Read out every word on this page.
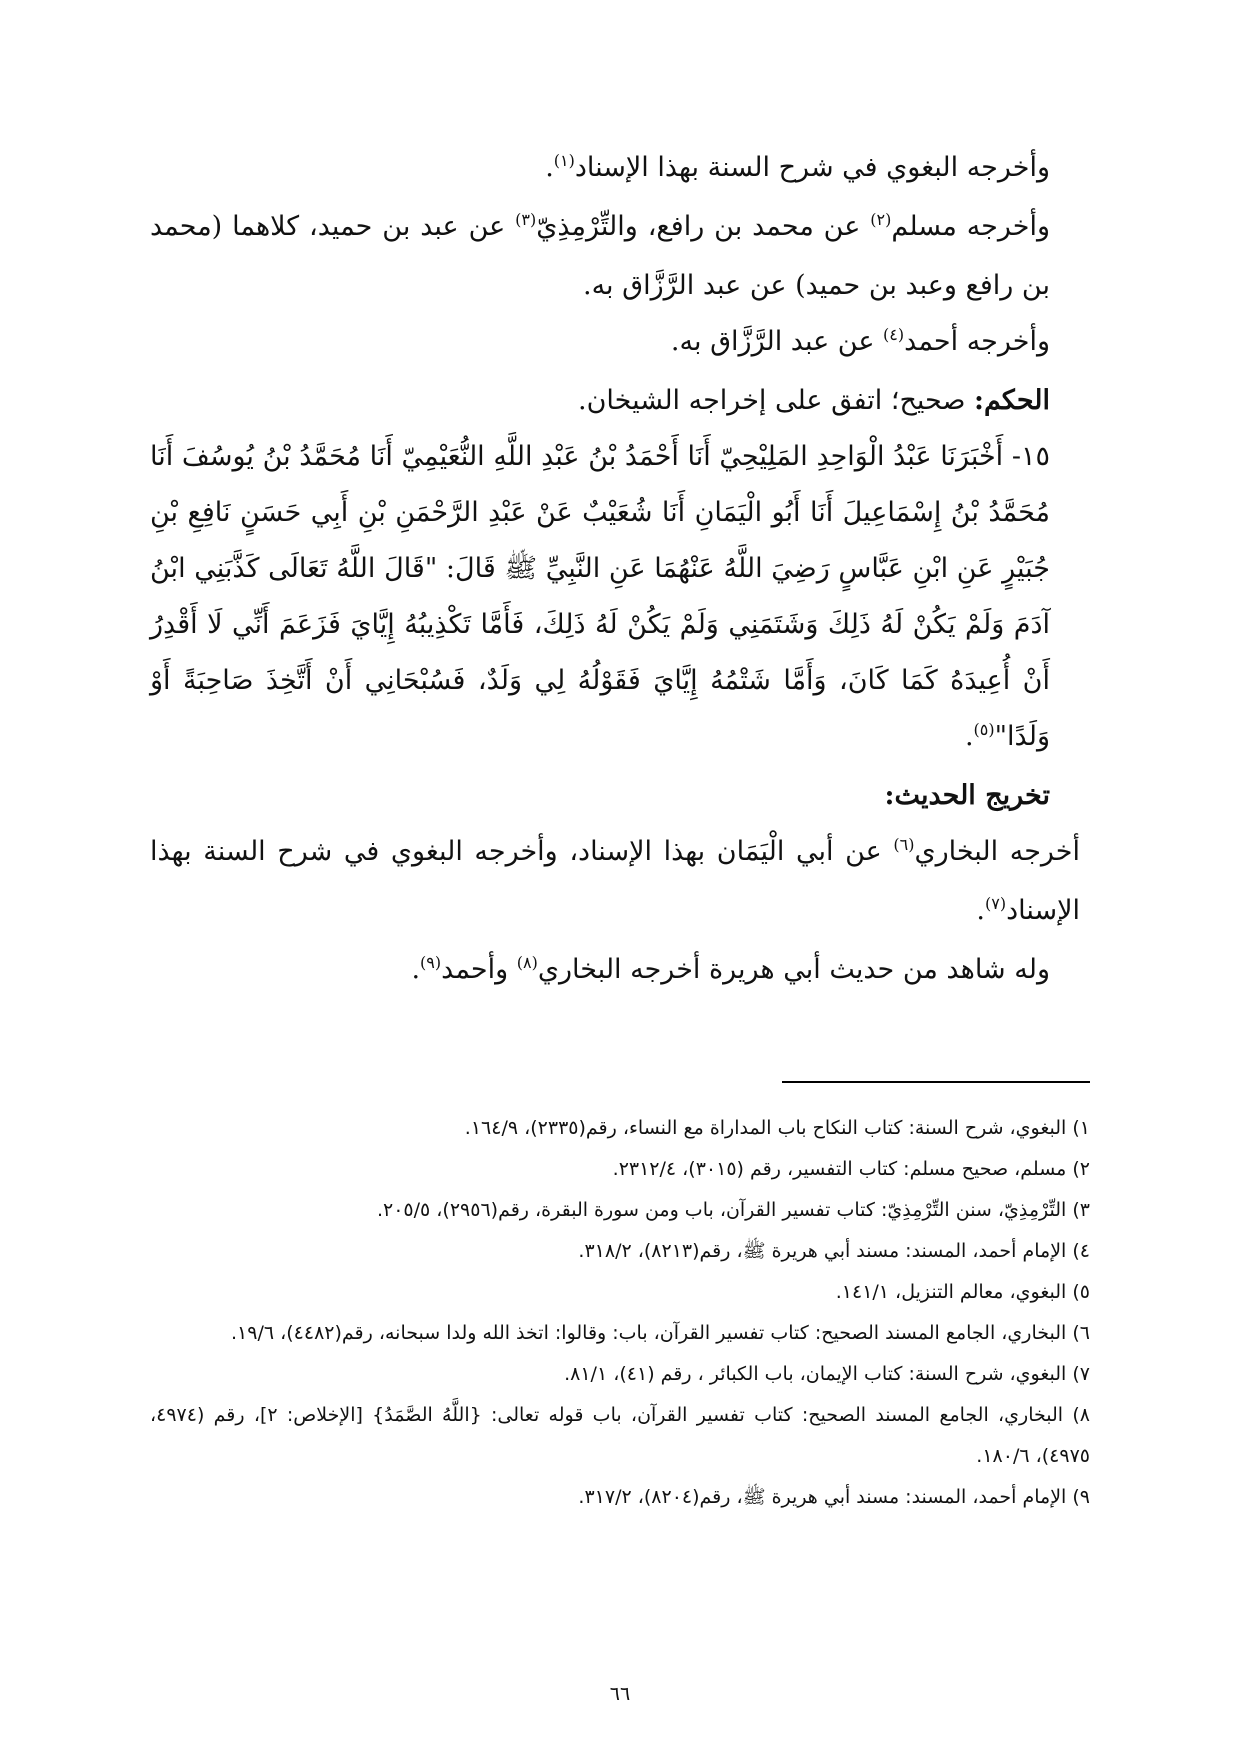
وأخرجه البغوي في شرح السنة بهذا الإسناد$^{(١)}$.

وأخرجه مسلم$^{(٢)}$ عن محمد بن رافع، والتِّرْمِذِيّ$^{(٣)}$ عن عبد بن حميد، كلاهما (محمد بن رافع وعبد بن حميد) عن عبد الرَّزَّاق به.

وأخرجه أحمد$^{(٤)}$ عن عبد الرَّزَّاق به.

الحكم: صحيح؛ اتفق على إخراجه الشيخان.

١٥- أَخْبَرَنَا عَبْدُ الْوَاحِدِ المَلِيْحِيّ أَنَا أَحْمَدُ بْنُ عَبْدِ اللَّهِ النُّعَيْمِيّ أَنَا مُحَمَّدُ بْنُ يُوسُفَ أَنَا مُحَمَّدُ بْنُ إِسْمَاعِيلَ أَنَا أَبُو الْيَمَانِ أَنَا شُعَيْبٌ عَنْ عَبْدِ الرَّحْمَنِ بْنِ أَبِي حَسَنٍ نَافِعِ بْنِ جُبَيْرٍ عَنِ ابْنِ عَبَّاسٍ رَضِيَ اللَّهُ عَنْهُمَا عَنِ النَّبِيِّ ﷺ قَالَ: "قَالَ اللَّهُ تَعَالَى كَذَّبَنِي ابْنُ آدَمَ وَلَمْ يَكُنْ لَهُ ذَلِكَ وَشَتَمَنِي وَلَمْ يَكُنْ لَهُ ذَلِكَ، فَأَمَّا تَكْذِيبُهُ إِيَّايَ فَزَعَمَ أَنِّي لَا أَقْدِرُ أَنْ أُعِيدَهُ كَمَا كَانَ، وَأَمَّا شَتْمُهُ إِيَّايَ فَقَوْلُهُ لِي وَلَدٌ، فَسُبْحَانِي أَنْ أَتَّخِذَ صَاحِبَةً أَوْ وَلَدًا"$^{(٥)}$.

تخريج الحديث:

أخرجه البخاري$^{(٦)}$ عن أبي الْيَمَان بهذا الإسناد، وأخرجه البغوي في شرح السنة بهذا الإسناد$^{(٧)}$.

وله شاهد من حديث أبي هريرة أخرجه البخاري$^{(٨)}$ وأحمد$^{(٩)}$.

١) البغوي، شرح السنة: كتاب النكاح باب المداراة مع النساء، رقم(٢٣٣٥)، ١٦٤/٩.

٢) مسلم، صحيح مسلم: كتاب التفسير، رقم (٣٠١٥)، ٢٣١٢/٤.

٣) التِّرْمِذِيّ، سنن التِّرْمِذِيّ: كتاب تفسير القرآن، باب ومن سورة البقرة، رقم(٢٩٥٦)، ٢٠٥/٥.

٤) الإمام أحمد، المسند: مسند أبي هريرة ﷺ، رقم(٨٢١٣)، ٣١٨/٢.

٥) البغوي، معالم التنزيل، ١٤١/١.

٦) البخاري، الجامع المسند الصحيح: كتاب تفسير القرآن، باب: وقالوا: اتخذ الله ولدا سبحانه، رقم(٤٤٨٢)، ١٩/٦.

٧) البغوي، شرح السنة: كتاب الإيمان، باب الكبائر ، رقم (٤١)، ٨١/١.

٨) البخاري، الجامع المسند الصحيح: كتاب تفسير القرآن، باب قوله تعالى: {اللَّهُ الصَّمَدُ} [الإخلاص: ٢]، رقم (٤٩٧٤، ٤٩٧٥)، ١٨٠/٦.

٩) الإمام أحمد، المسند: مسند أبي هريرة ﷺ، رقم(٨٢٠٤)، ٣١٧/٢.

٦٦
